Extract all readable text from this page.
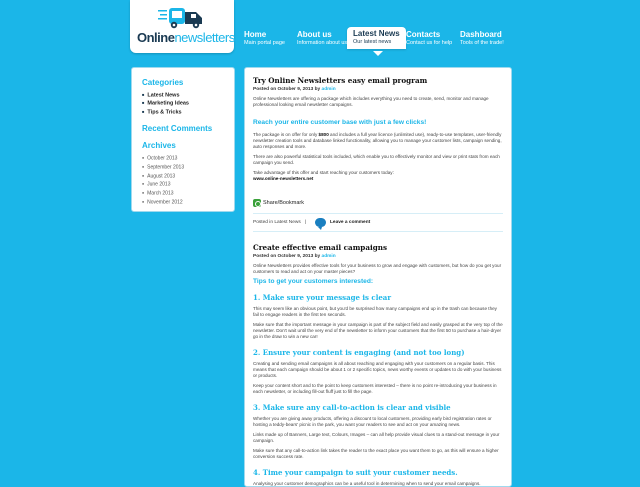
Onlinenewsletters Home
Main portal page
About us
Information about us
Latest News
Our latest news
Contacts
Contact us for help
Dashboard
Tools of the trade!
Categories
■ Latest News
■ Marketing Ideas
■ Tips & Tricks
Recent Comments
Archives
■ October 2013
■ September 2013
■ August 2013
■ June 2013
■ March 2013
■ November 2012
Try Online Newsletters easy email program
Posted on October 9, 2013 by admin
Online Newsletters are offering a package which includes everything you need to create, send, monitor and manage professional looking email newsletter campaigns.
Reach your entire customer base with just a few clicks!
The package is on offer for only $800 and includes a full year licence (unlimited use), ready-to-use templates, user-friendly newsletter creation tools and database linked functionality, allowing you to manage your customer lists, campaign sending, auto responses and more.
There are also powerful statistical tools included, which enable you to effectively monitor and view or print stats from each campaign you send.
Take advantage of this offer and start reaching your customers today:
www.online-newsletters.net
Share/Bookmark
Posted in Latest News |	Leave a comment
Create effective email campaigns
Posted on October 9, 2013 by admin
Online Newsletters provides effective tools for your business to grow and engage with customers, but how do you get your customers to read and act on your master pieces?
Tips to get your customers interested:
1. Make sure your message is clear
This may seem like an obvious point, but you'd be surprised how many campaigns end up in the trash can because they fail to engage readers in the first ten seconds.
Make sure that the important message in your campaign is part of the subject field and easily grasped at the very top of the newsletter. Don't wait until the very end of the newsletter to inform your customers that the first 50 to purchase a hair-dryer go in the draw to win a new car!
2. Ensure your content is engaging (and not too long)
Creating and sending email campaigns is all about reaching and engaging with your customers on a regular basis. This means that each campaign should be about 1 or 2 specific topics, news worthy events or updates to do with your business or products.
Keep your content short and to the point to keep customers interested – there is no point re-introducing your business in each newsletter, or including fill-out fluff just to fill the page.
3. Make sure any call-to-action is clear and visible
Whether you are giving away products, offering a discount to local customers, providing early bird registration rates or hosting a teddy-bears' picnic in the park, you want your readers to see and act on your amazing news.
Links made up of Banners, Large text, Colours, Images – can all help provide visual clues to a stand-out message in your campaign.
Make sure that any call-to-action link takes the reader to the exact place you want them to go, as this will ensure a higher conversion success rate.
4. Time your campaign to suit your customer needs.
Analysing your customer demographics can be a useful tool in determining when to send your email campaigns.
